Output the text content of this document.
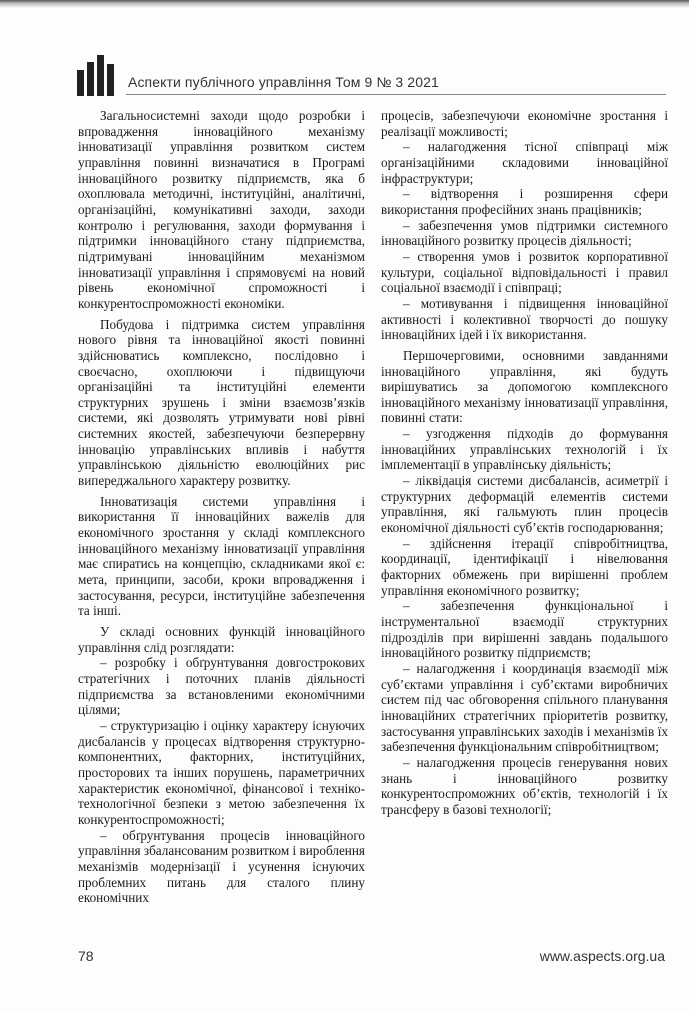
Аспекти публічного управління Том 9 № 3 2021

Загальносистемні заходи щодо розробки і впровадження інноваційного механізму інноватизації управління розвитком систем управління повинні визначатися в Програмі інноваційного розвитку підприємств, яка б охоплювала методичні, інституційні, аналітичні, організаційні, комунікативні заходи, заходи контролю і регулювання, заходи формування і підтримки інноваційного стану підприємства, підтримувані інноваційним механізмом інноватизації управління і спрямовуємі на новий рівень економічної спроможності і конкурентоспроможності економіки.

Побудова і підтримка систем управління нового рівня та інноваційної якості повинні здійснюватись комплексно, послідовно і своєчасно, охоплюючи і підвищуючи організаційні та інституційні елементи структурних зрушень і зміни взаємозв’язків системи, які дозволять утримувати нові рівні системних якостей, забезпечуючи безперервну інновацію управлінських впливів і набуття управлінською діяльністю еволюційних рис випереджального характеру розвитку.

Інноватизація системи управління і використання її інноваційних важелів для економічного зростання у складі комплексного інноваційного механізму інноватизації управління має спиратись на концепцію, складниками якої є: мета, принципи, засоби, кроки впровадження і застосування, ресурси, інституційне забезпечення та інші.

У складі основних функцій інноваційного управління слід розглядати:

– розробку і обґрунтування довгострокових стратегічних і поточних планів діяльності підприємства за встановленими економічними цілями;

– структуризацію і оцінку характеру існуючих дисбалансів у процесах відтворення структурно-компонентних, факторних, інституційних, просторових та інших порушень, параметричних характеристик економічної, фінансової і техніко-технологічної безпеки з метою забезпечення їх конкурентоспроможності;

– обґрунтування процесів інноваційного управління збалансованим розвитком і вироблення механізмів модернізації і усунення існуючих проблемних питань для сталого плину економічних

процесів, забезпечуючи економічне зростання і реалізації можливості;

– налагодження тісної співпраці між організаційними складовими інноваційної інфраструктури;

– відтворення і розширення сфери використання професійних знань працівників;

– забезпечення умов підтримки системного інноваційного розвитку процесів діяльності;

– створення умов і розвиток корпоративної культури, соціальної відповідальності і правил соціальної взаємодії і співпраці;

– мотивування і підвищення інноваційної активності і колективної творчості до пошуку інноваційних ідей і їх використання.

Першочерговими, основними завданнями інноваційного управління, які будуть вирішуватись за допомогою комплексного інноваційного механізму інноватизації управління, повинні стати:

– узгодження підходів до формування інноваційних управлінських технологій і їх імплементації в управлінську діяльність;

– ліквідація системи дисбалансів, асиметрії і структурних деформацій елементів системи управління, які гальмують плин процесів економічної діяльності суб’єктів господарювання;

– здійснення ітерації співробітництва, координації, ідентифікації і нівелювання факторних обмежень при вирішенні проблем управління економічного розвитку;

– забезпечення функціональної і інструментальної взаємодії структурних підрозділів при вирішенні завдань подальшого інноваційного розвитку підприємств;

– налагодження і координація взаємодії між суб’єктами управління і суб’єктами виробничих систем під час обговорення спільного планування інноваційних стратегічних пріоритетів розвитку, застосування управлінських заходів і механізмів їх забезпечення функціональним співробітництвом;

– налагодження процесів генерування нових знань і інноваційного розвитку конкурентоспроможних об’єктів, технологій і їх трансферу в базові технології;

78	www.aspects.org.ua
